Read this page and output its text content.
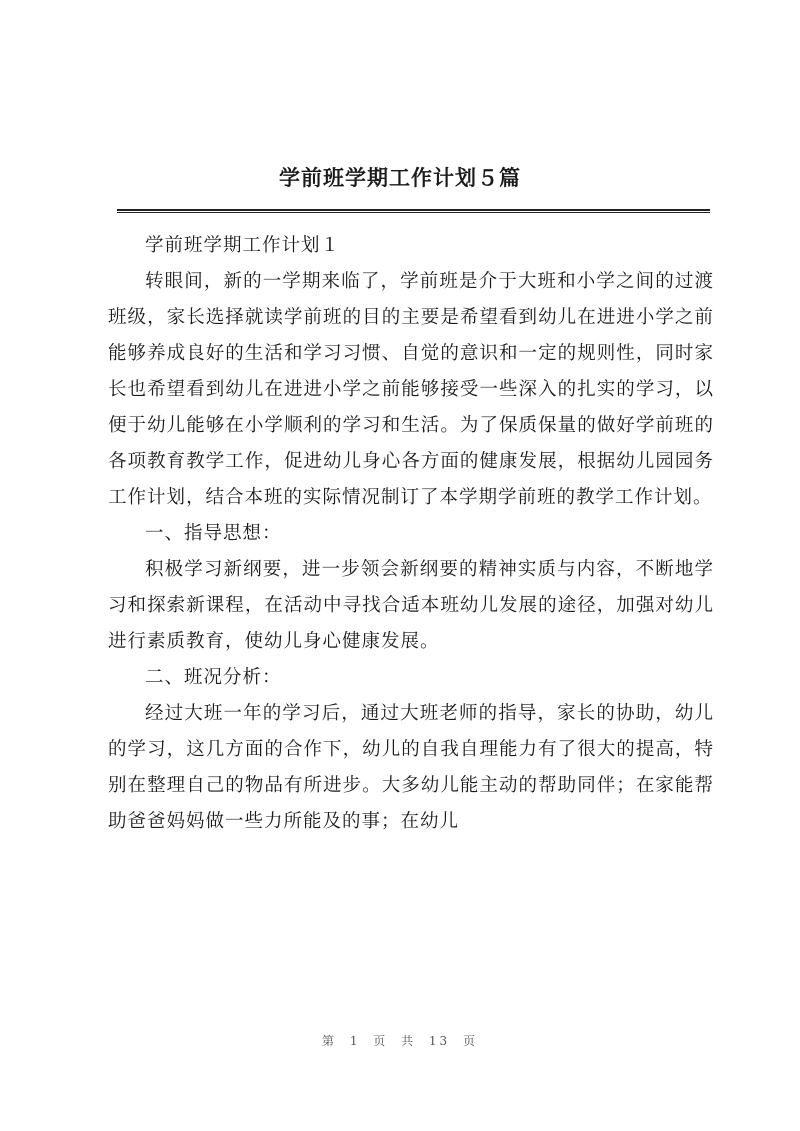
学前班学期工作计划５篇

学前班学期工作计划１

转眼间，新的一学期来临了，学前班是介于大班和小学之间的过渡班级，家长选择就读学前班的目的主要是希望看到幼儿在进进小学之前能够养成良好的生活和学习习惯、自觉的意识和一定的规则性，同时家长也希望看到幼儿在进进小学之前能够接受一些深入的扎实的学习，以便于幼儿能够在小学顺利的学习和生活。为了保质保量的做好学前班的各项教育教学工作，促进幼儿身心各方面的健康发展，根据幼儿园园务工作计划，结合本班的实际情况制订了本学期学前班的教学工作计划。

一、指导思想：

积极学习新纲要，进一步领会新纲要的精神实质与内容，不断地学习和探索新课程，在活动中寻找合适本班幼儿发展的途径，加强对幼儿进行素质教育，使幼儿身心健康发展。

二、班况分析：

经过大班一年的学习后，通过大班老师的指导，家长的协助，幼儿的学习，这几方面的合作下，幼儿的自我自理能力有了很大的提高，特别在整理自己的物品有所进步。大多幼儿能主动的帮助同伴；在家能帮助爸爸妈妈做一些力所能及的事；在幼儿

第 1 页 共 13 页
